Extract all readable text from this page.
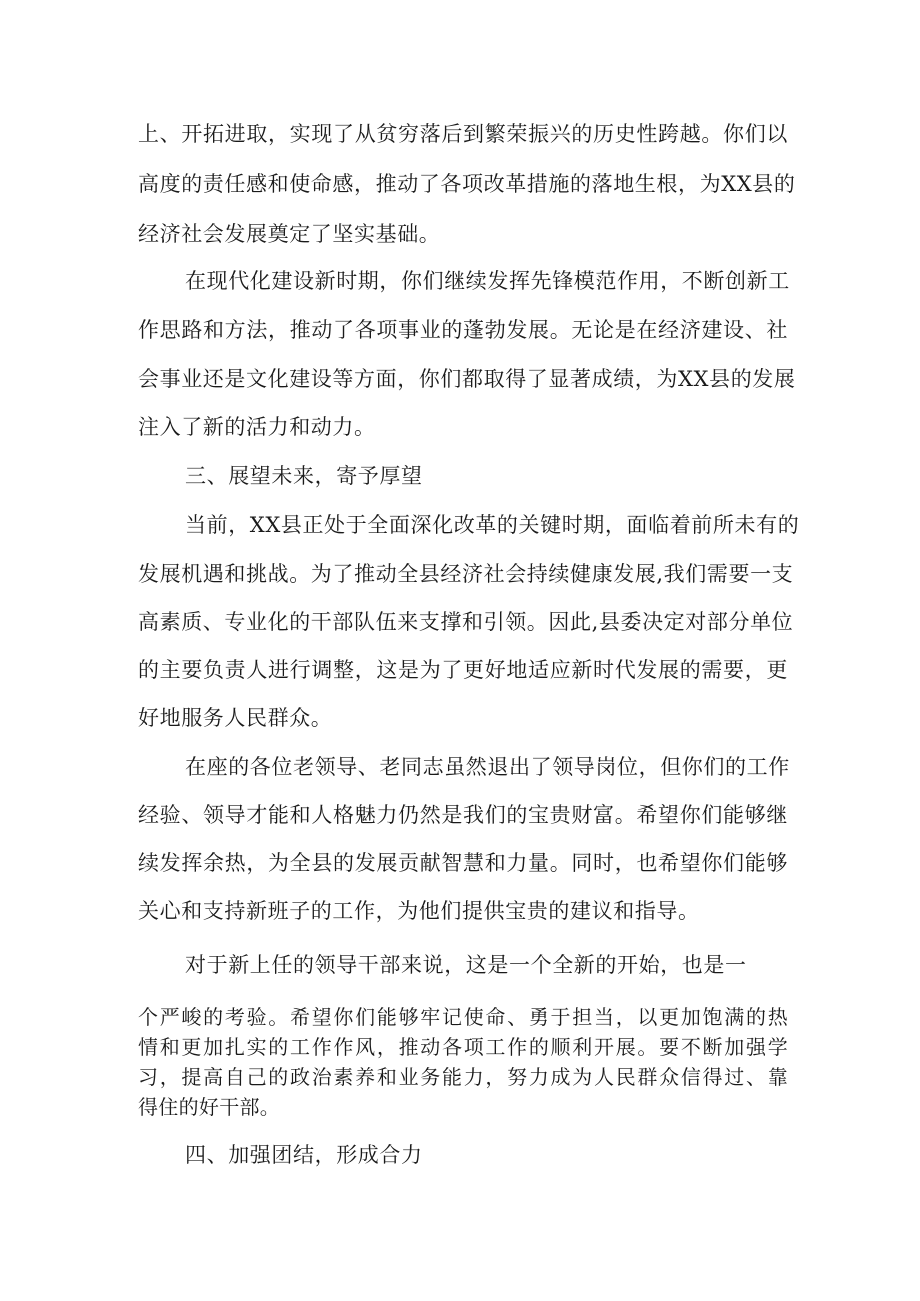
上、开拓进取，实现了从贫穷落后到繁荣振兴的历史性跨越。你们以
高度的责任感和使命感，推动了各项改革措施的落地生根，为XX县的
经济社会发展奠定了坚实基础。
在现代化建设新时期，你们继续发挥先锋模范作用，不断创新工
作思路和方法，推动了各项事业的蓬勃发展。无论是在经济建设、社
会事业还是文化建设等方面，你们都取得了显著成绩，为XX县的发展
注入了新的活力和动力。
三、展望未来，寄予厚望
当前，XX县正处于全面深化改革的关键时期，面临着前所未有的
发展机遇和挑战。为了推动全县经济社会持续健康发展,我们需要一支
高素质、专业化的干部队伍来支撑和引领。因此,县委决定对部分单位
的主要负责人进行调整，这是为了更好地适应新时代发展的需要，更
好地服务人民群众。
在座的各位老领导、老同志虽然退出了领导岗位，但你们的工作
经验、领导才能和人格魅力仍然是我们的宝贵财富。希望你们能够继
续发挥余热，为全县的发展贡献智慧和力量。同时，也希望你们能够
关心和支持新班子的工作，为他们提供宝贵的建议和指导。
对于新上任的领导干部来说，这是一个全新的开始，也是一
个严峻的考验。希望你们能够牢记使命、勇于担当，以更加饱满的热
情和更加扎实的工作作风，推动各项工作的顺利开展。要不断加强学
习，提高自己的政治素养和业务能力，努力成为人民群众信得过、靠
得住的好干部。
四、加强团结，形成合力
